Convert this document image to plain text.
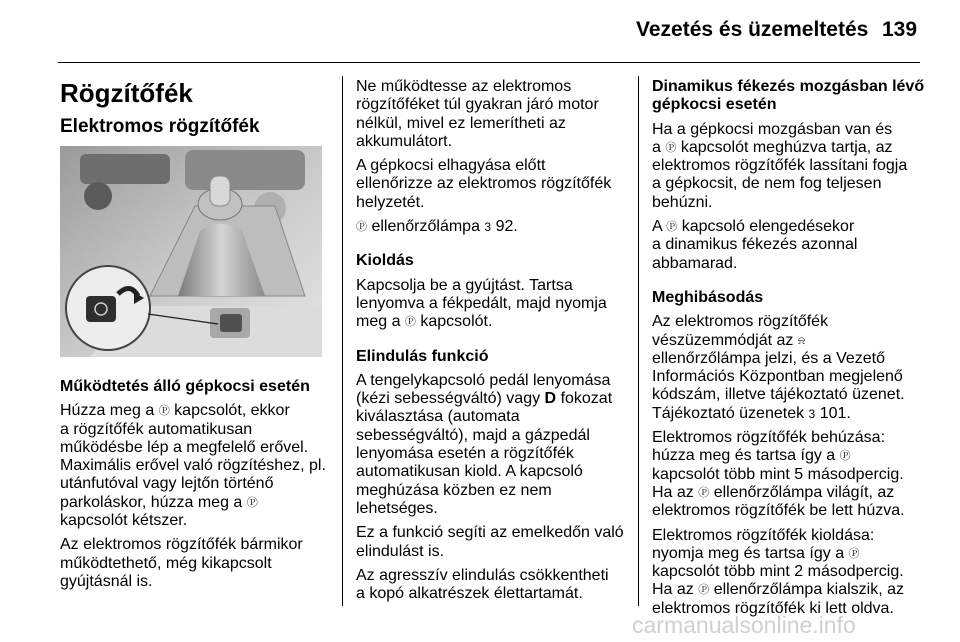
Vezetés és üzemeltetés 139
Rögzítőfék
Elektromos rögzítőfék

Működtetés álló gépkocsi esetén

Húzza meg a Ⓟ kapcsolót, ekkor
a rögzítőfék automatikusan
működésbe lép a megfelelő erővel.
Maximális erővel való rögzítéshez, pl.
utánfutóval vagy lejtőn történő
parkoláskor, húzza meg a Ⓟ
kapcsolót kétszer.

Az elektromos rögzítőfék bármikor
működtethető, még kikapcsolt
gyújtásnál is.

Ne működtesse az elektromos
rögzítőféket túl gyakran járó motor
nélkül, mivel ez lemerítheti az
akkumulátort.

A gépkocsi elhagyása előtt
ellenőrizze az elektromos rögzítőfék
helyzetét.

Ⓟ ellenőrzőlámpa 3 92.

Kioldás

Kapcsolja be a gyújtást. Tartsa
lenyomva a fékpedált, majd nyomja
meg a Ⓟ kapcsolót.

Elindulás funkció

A tengelykapcsoló pedál lenyomása
(kézi sebességváltó) vagy D fokozat
kiválasztása (automata
sebességváltó), majd a gázpedál
lenyomása esetén a rögzítőfék
automatikusan kiold. A kapcsoló
meghúzása közben ez nem
lehetséges.

Ez a funkció segíti az emelkedőn való
elindulást is.

Az agresszív elindulás csökkentheti
a kopó alkatrészek élettartamát.

Dinamikus fékezés mozgásban lévő
gépkocsi esetén

Ha a gépkocsi mozgásban van és
a Ⓟ kapcsolót meghúzva tartja, az
elektromos rögzítőfék lassítani fogja
a gépkocsit, de nem fog teljesen
behúzni.

A Ⓟ kapcsoló elengedésekor
a dinamikus fékezés azonnal
abbamarad.

Meghibásodás

Az elektromos rögzítőfék
vészüzemmódját az ⍾
ellenőrzőlámpa jelzi, és a Vezető
Információs Központban megjelenő
kódszám, illetve tájékoztató üzenet.
Tájékoztató üzenetek 3 101.

Elektromos rögzítőfék behúzása:
húzza meg és tartsa így a Ⓟ
kapcsolót több mint 5 másodpercig.
Ha az Ⓟ ellenőrzőlámpa világít, az
elektromos rögzítőfék be lett húzva.

Elektromos rögzítőfék kioldása:
nyomja meg és tartsa így a Ⓟ
kapcsolót több mint 2 másodpercig.
Ha az Ⓟ ellenőrzőlámpa kialszik, az
elektromos rögzítőfék ki lett oldva.

carmanualsonline.info
